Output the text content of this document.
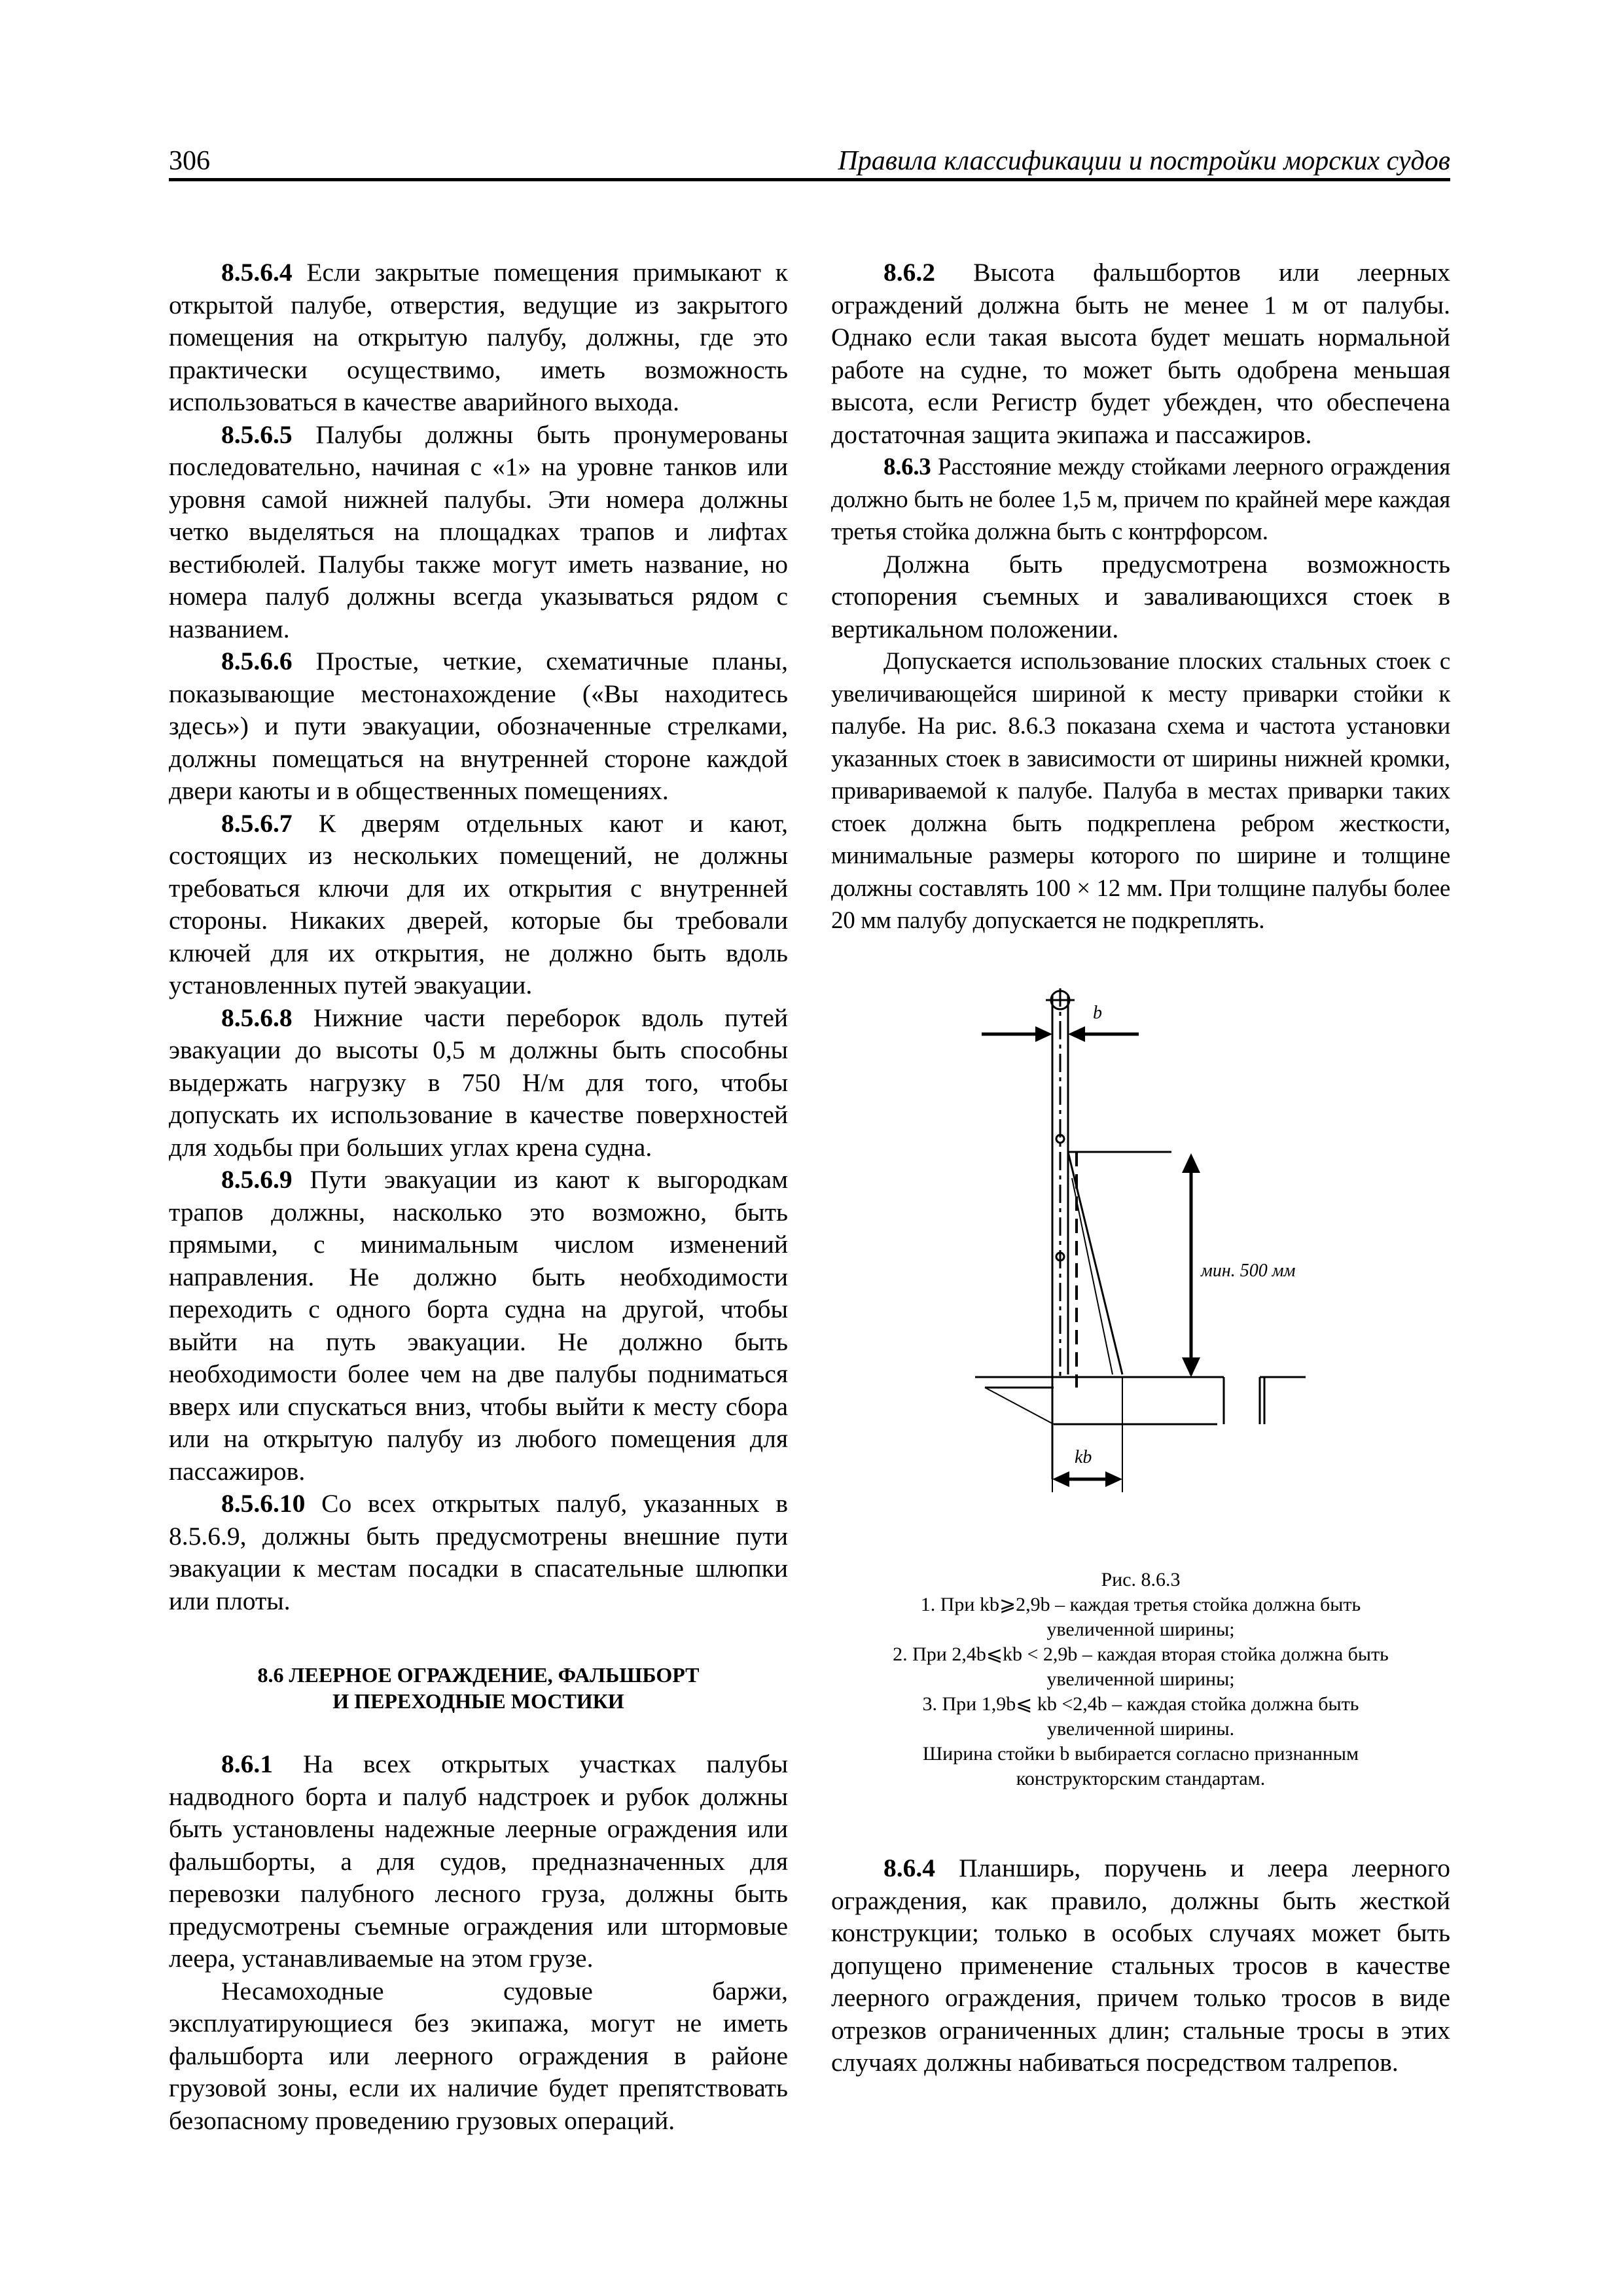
306	Правила классификации и постройки морских судов

8.5.6.4 Если закрытые помещения примыкают к открытой палубе, отверстия, ведущие из закрытого помещения на открытую палубу, должны, где это практически осуществимо, иметь возможность использоваться в качестве аварийного выхода.

8.5.6.5 Палубы должны быть пронумерованы последовательно, начиная с «1» на уровне танков или уровня самой нижней палубы. Эти номера должны четко выделяться на площадках трапов и лифтах вестибюлей. Палубы также могут иметь название, но номера палуб должны всегда указываться рядом с названием.

8.5.6.6 Простые, четкие, схематичные планы, показывающие местонахождение («Вы находитесь здесь») и пути эвакуации, обозначенные стрелками, должны помещаться на внутренней стороне каждой двери каюты и в общественных помещениях.

8.5.6.7 К дверям отдельных кают и кают, состоящих из нескольких помещений, не должны требоваться ключи для их открытия с внутренней стороны. Никаких дверей, которые бы требовали ключей для их открытия, не должно быть вдоль установленных путей эвакуации.

8.5.6.8 Нижние части переборок вдоль путей эвакуации до высоты 0,5 м должны быть способны выдержать нагрузку в 750 Н/м для того, чтобы допускать их использование в качестве поверхностей для ходьбы при больших углах крена судна.

8.5.6.9 Пути эвакуации из кают к выгородкам трапов должны, насколько это возможно, быть прямыми, с минимальным числом изменений направления. Не должно быть необходимости переходить с одного борта судна на другой, чтобы выйти на путь эвакуации. Не должно быть необходимости более чем на две палубы подниматься вверх или спускаться вниз, чтобы выйти к месту сбора или на открытую палубу из любого помещения для пассажиров.

8.5.6.10 Со всех открытых палуб, указанных в 8.5.6.9, должны быть предусмотрены внешние пути эвакуации к местам посадки в спасательные шлюпки или плоты.

8.6 ЛЕЕРНОЕ ОГРАЖДЕНИЕ, ФАЛЬШБОРТ
И ПЕРЕХОДНЫЕ МОСТИКИ

8.6.1 На всех открытых участках палубы надводного борта и палуб надстроек и рубок должны быть установлены надежные леерные ограждения или фальшборты, а для судов, предназначенных для перевозки палубного лесного груза, должны быть предусмотрены съемные ограждения или штормовые леера, устанавливаемые на этом грузе.

Несамоходные судовые баржи, эксплуатирующиеся без экипажа, могут не иметь фальшборта или леерного ограждения в районе грузовой зоны, если их наличие будет препятствовать безопасному проведению грузовых операций.

8.6.2 Высота фальшбортов или леерных ограждений должна быть не менее 1 м от палубы. Однако если такая высота будет мешать нормальной работе на судне, то может быть одобрена меньшая высота, если Регистр будет убежден, что обеспечена достаточная защита экипажа и пассажиров.

8.6.3 Расстояние между стойками леерного ограждения должно быть не более 1,5 м, причем по крайней мере каждая третья стойка должна быть с контрфорсом.

Должна быть предусмотрена возможность стопорения съемных и заваливающихся стоек в вертикальном положении.

Допускается использование плоских стальных стоек с увеличивающейся шириной к месту приварки стойки к палубе. На рис. 8.6.3 показана схема и частота установки указанных стоек в зависимости от ширины нижней кромки, привариваемой к палубе. Палуба в местах приварки таких стоек должна быть подкреплена ребром жесткости, минимальные размеры которого по ширине и толщине должны составлять 100 × 12 мм. При толщине палубы более 20 мм палубу допускается не подкреплять.

b
мин. 500 мм
kb
Рис. 8.6.3
1. При kb⩾2,9b – каждая третья стойка должна быть
увеличенной ширины;
2. При 2,4b⩽kb < 2,9b – каждая вторая стойка должна быть
увеличенной ширины;
3. При 1,9b⩽ kb <2,4b – каждая стойка должна быть
увеличенной ширины.
Ширина стойки b выбирается согласно признанным
конструкторским стандартам.

8.6.4 Планширь, поручень и леера леерного ограждения, как правило, должны быть жесткой конструкции; только в особых случаях может быть допущено применение стальных тросов в качестве леерного ограждения, причем только тросов в виде отрезков ограниченных длин; стальные тросы в этих случаях должны набиваться посредством талрепов.
